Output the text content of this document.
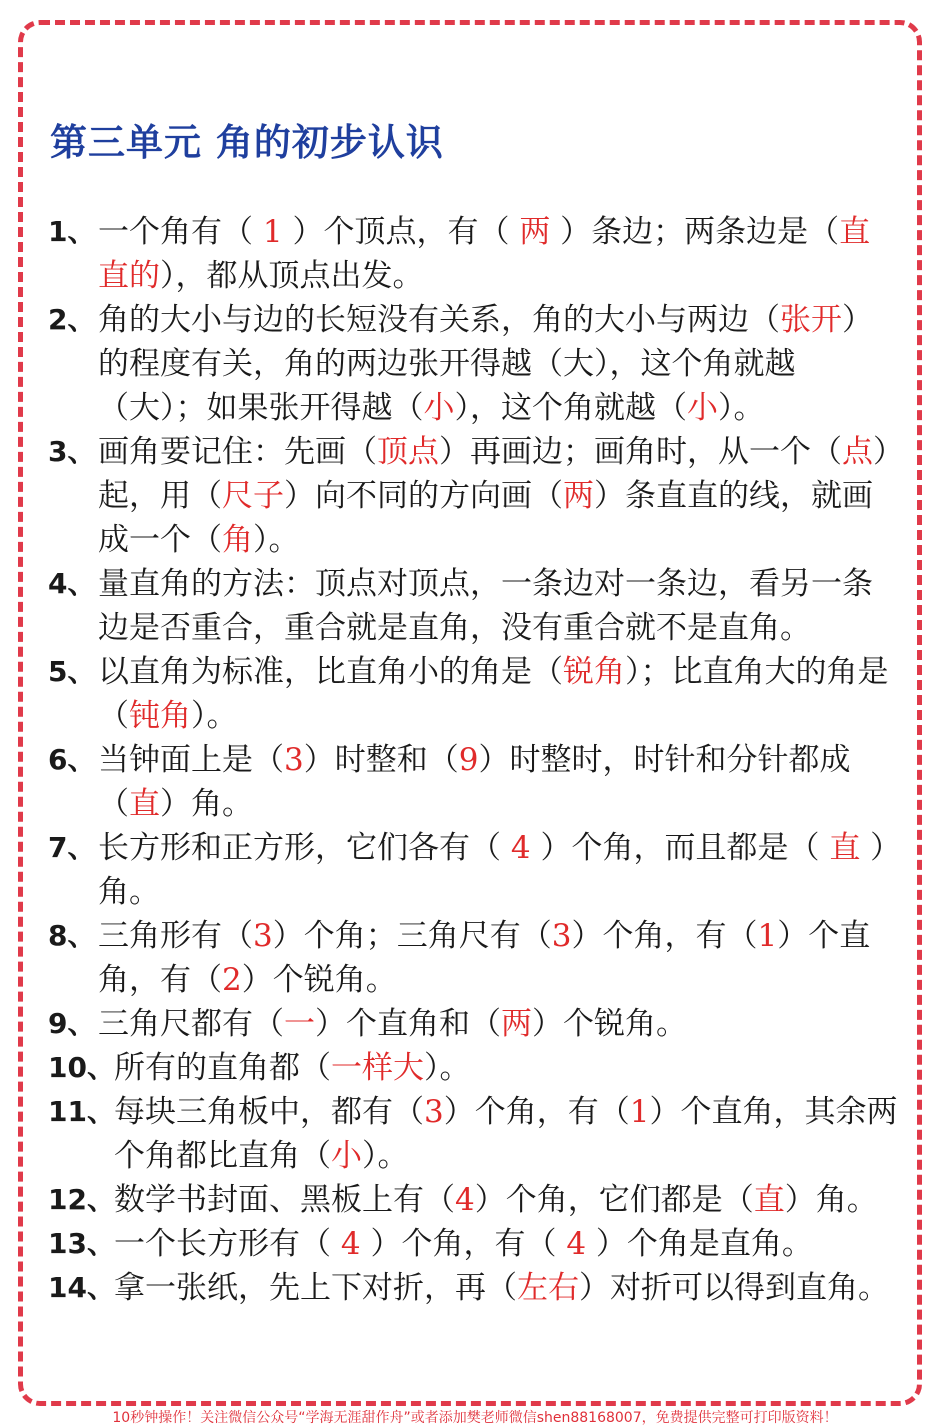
第三单元 角的初步认识
1、 一个角有（ 1 ）个顶点，有（ 两 ）条边；两条边是（直直的），都从顶点出发。
2、 角的大小与边的长短没有关系，角的大小与两边（张开）的程度有关，角的两边张开得越（大），这个角就越（大）；如果张开得越（小），这个角就越（小）。
3、 画角要记住：先画（顶点）再画边；画角时，从一个（点）起，用（尺子）向不同的方向画（两）条直直的线，就画成一个（角）。
4、 量直角的方法：顶点对顶点，一条边对一条边，看另一条边是否重合，重合就是直角，没有重合就不是直角。
5、 以直角为标准，比直角小的角是（锐角）；比直角大的角是（钝角）。
6、 当钟面上是（3）时整和（9）时整时，时针和分针都成（直）角。
7、 长方形和正方形，它们各有（ 4 ）个角，而且都是（ 直 ）角。
8、 三角形有（3）个角；三角尺有（3）个角，有（1）个直角，有（2）个锐角。
9、 三角尺都有（一）个直角和（两）个锐角。
10、 所有的直角都（一样大）。
11、 每块三角板中，都有（3）个角，有（1）个直角，其余两个角都比直角（小）。
12、 数学书封面、黑板上有（4）个角，它们都是（直）角。
13、 一个长方形有（ 4 ）个角，有（ 4 ）个角是直角。
14、 拿一张纸，先上下对折，再（左右）对折可以得到直角。
10秒钟操作！关注微信公众号“学海无涯甜作舟”或者添加樊老师微信shen88168007，免费提供完整可打印版资料！
